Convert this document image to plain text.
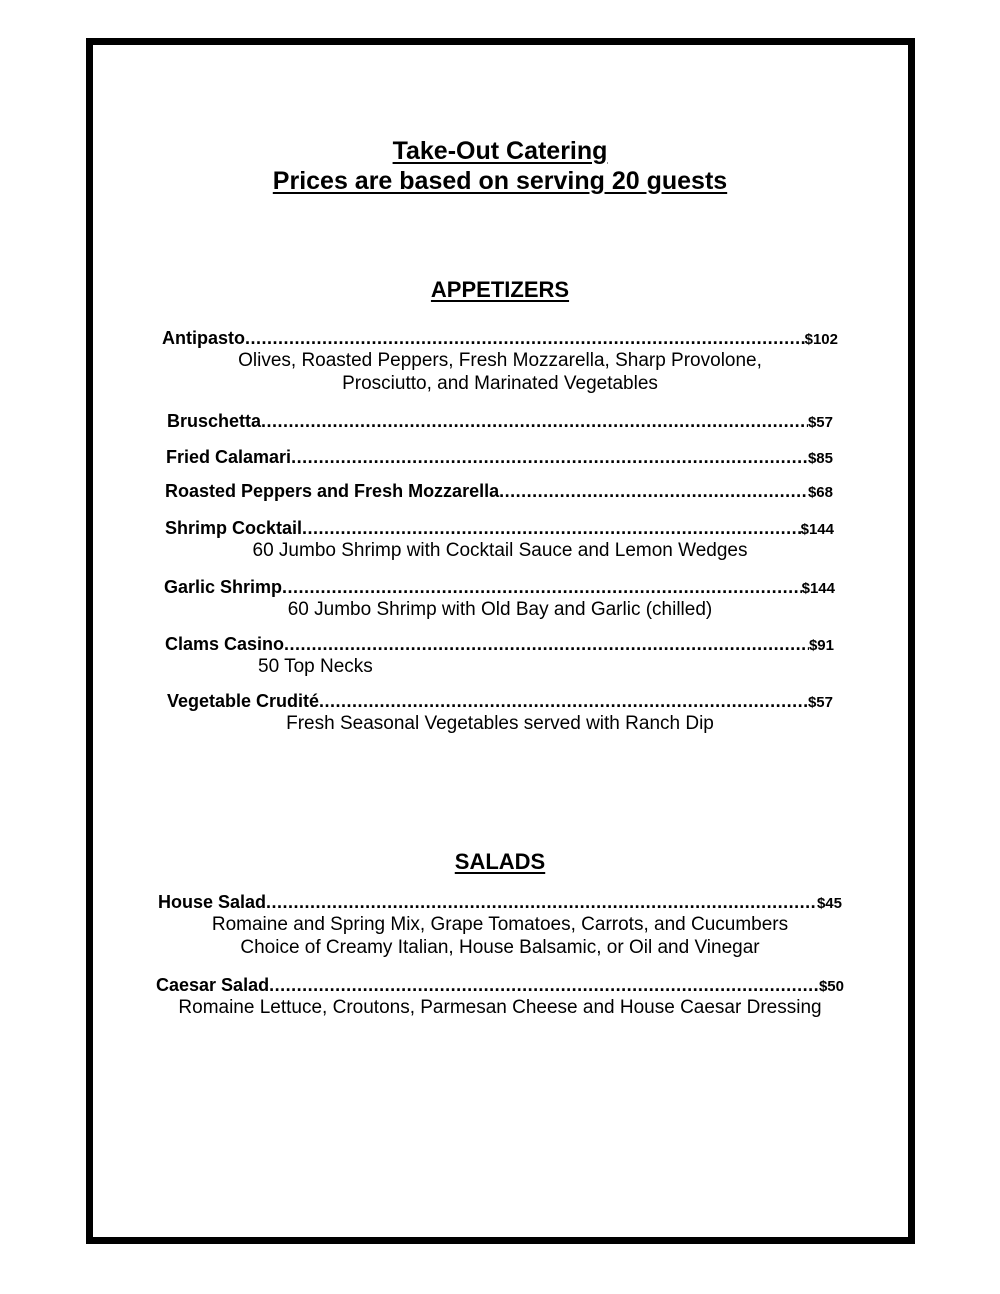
Take-Out Catering
Prices are based on serving 20 guests
APPETIZERS
Antipasto .....	$102
Olives, Roasted Peppers, Fresh Mozzarella, Sharp Provolone,
Prosciutto, and Marinated Vegetables
Bruschetta .....	$57
Fried Calamari .....	$85
Roasted Peppers and Fresh Mozzarella .....	$68
Shrimp Cocktail .....	$144
60 Jumbo Shrimp with Cocktail Sauce and Lemon Wedges
Garlic Shrimp .....	$144
60 Jumbo Shrimp with Old Bay and Garlic (chilled)
Clams Casino .....	$91
50 Top Necks
Vegetable Crudité .....	$57
Fresh Seasonal Vegetables served with Ranch Dip
SALADS
House Salad .....	$45
Romaine and Spring Mix, Grape Tomatoes, Carrots, and Cucumbers
Choice of Creamy Italian, House Balsamic, or Oil and Vinegar
Caesar Salad .....	$50
Romaine Lettuce, Croutons, Parmesan Cheese and House Caesar Dressing
